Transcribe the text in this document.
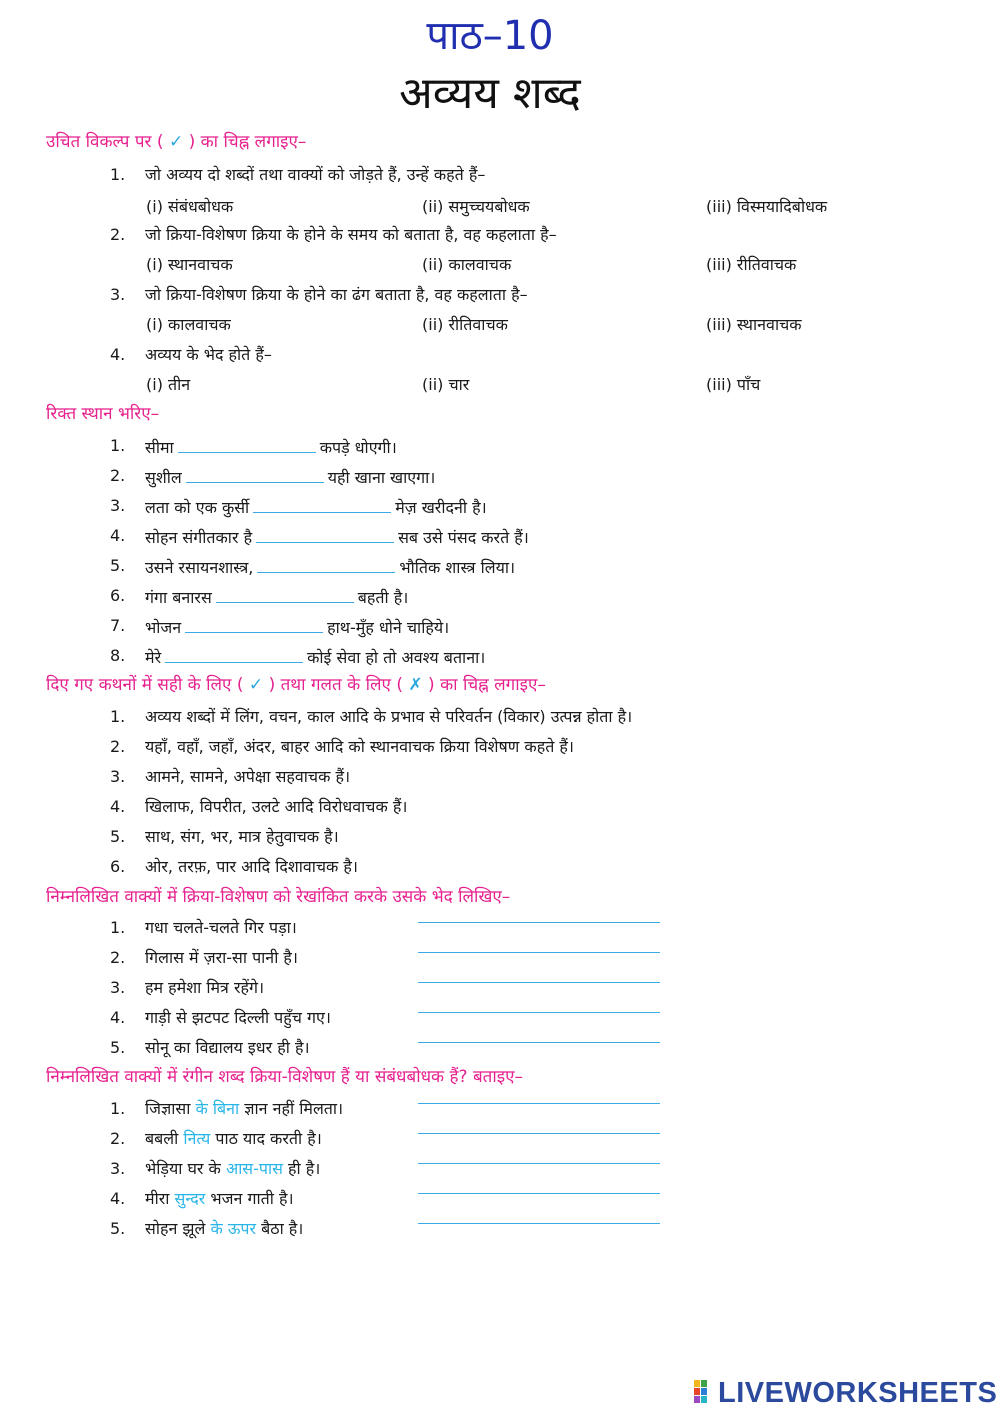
पाठ–10
अव्यय शब्द
उचित विकल्प पर ( ✓ ) का चिह्न लगाइए–
1. जो अव्यय दो शब्दों तथा वाक्यों को जोड़ते हैं, उन्हें कहते हैं–
(i) संबंधबोधक	(ii) समुच्चयबोधक	(iii) विस्मयादिबोधक
2. जो क्रिया-विशेषण क्रिया के होने के समय को बताता है, वह कहलाता है–
(i) स्थानवाचक	(ii) कालवाचक	(iii) रीतिवाचक
3. जो क्रिया-विशेषण क्रिया के होने का ढंग बताता है, वह कहलाता है–
(i) कालवाचक	(ii) रीतिवाचक	(iii) स्थानवाचक
4. अव्यय के भेद होते हैं–
(i) तीन	(ii) चार	(iii) पाँच
रिक्त स्थान भरिए–
1. सीमा	कपड़े धोएगी।
2. सुशील	यही खाना खाएगा।
3. लता को एक कुर्सी	मेज़ खरीदनी है।
4. सोहन संगीतकार है	सब उसे पंसद करते हैं।
5. उसने रसायनशास्त्र,	भौतिक शास्त्र लिया।
6. गंगा बनारस	बहती है।
7. भोजन	हाथ-मुँह धोने चाहिये।
8. मेरे	कोई सेवा हो तो अवश्य बताना।
दिए गए कथनों में सही के लिए ( ✓ ) तथा गलत के लिए ( ✗ ) का चिह्न लगाइए–
1. अव्यय शब्दों में लिंग, वचन, काल आदि के प्रभाव से परिवर्तन (विकार) उत्पन्न होता है।
2. यहाँ, वहाँ, जहाँ, अंदर, बाहर आदि को स्थानवाचक क्रिया विशेषण कहते हैं।
3. आमने, सामने, अपेक्षा सहवाचक हैं।
4. खिलाफ, विपरीत, उलटे आदि विरोधवाचक हैं।
5. साथ, संग, भर, मात्र हेतुवाचक है।
6. ओर, तरफ़, पार आदि दिशावाचक है।
निम्नलिखित वाक्यों में क्रिया-विशेषण को रेखांकित करके उसके भेद लिखिए–
1. गधा चलते-चलते गिर पड़ा।
2. गिलास में ज़रा-सा पानी है।
3. हम हमेशा मित्र रहेंगे।
4. गाड़ी से झटपट दिल्ली पहुँच गए।
5. सोनू का विद्यालय इधर ही है।
निम्नलिखित वाक्यों में रंगीन शब्द क्रिया-विशेषण हैं या संबंधबोधक हैं? बताइए–
1. जिज्ञासा के बिना ज्ञान नहीं मिलता।
2. बबली नित्य पाठ याद करती है।
3. भेड़िया घर के आस-पास ही है।
4. मीरा सुन्दर भजन गाती है।
5. सोहन झूले के ऊपर बैठा है।
LIVEWORKSHEETS
